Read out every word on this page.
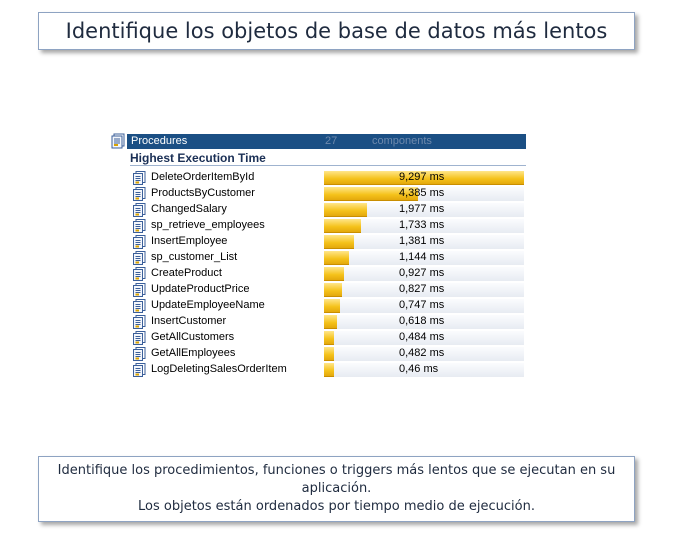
Identifique los objetos de base de datos más lentos
Procedures	27	components
Highest Execution Time
DeleteOrderItemById	9,297 ms
ProductsByCustomer	4,385 ms
ChangedSalary	1,977 ms
sp_retrieve_employees	1,733 ms
InsertEmployee	1,381 ms
sp_customer_List	1,144 ms
CreateProduct	0,927 ms
UpdateProductPrice	0,827 ms
UpdateEmployeeName	0,747 ms
InsertCustomer	0,618 ms
GetAllCustomers	0,484 ms
GetAllEmployees	0,482 ms
LogDeletingSalesOrderItem	0,46 ms
Identifique los procedimientos, funciones o triggers más lentos que se ejecutan en su aplicación.
Los objetos están ordenados por tiempo medio de ejecución.
